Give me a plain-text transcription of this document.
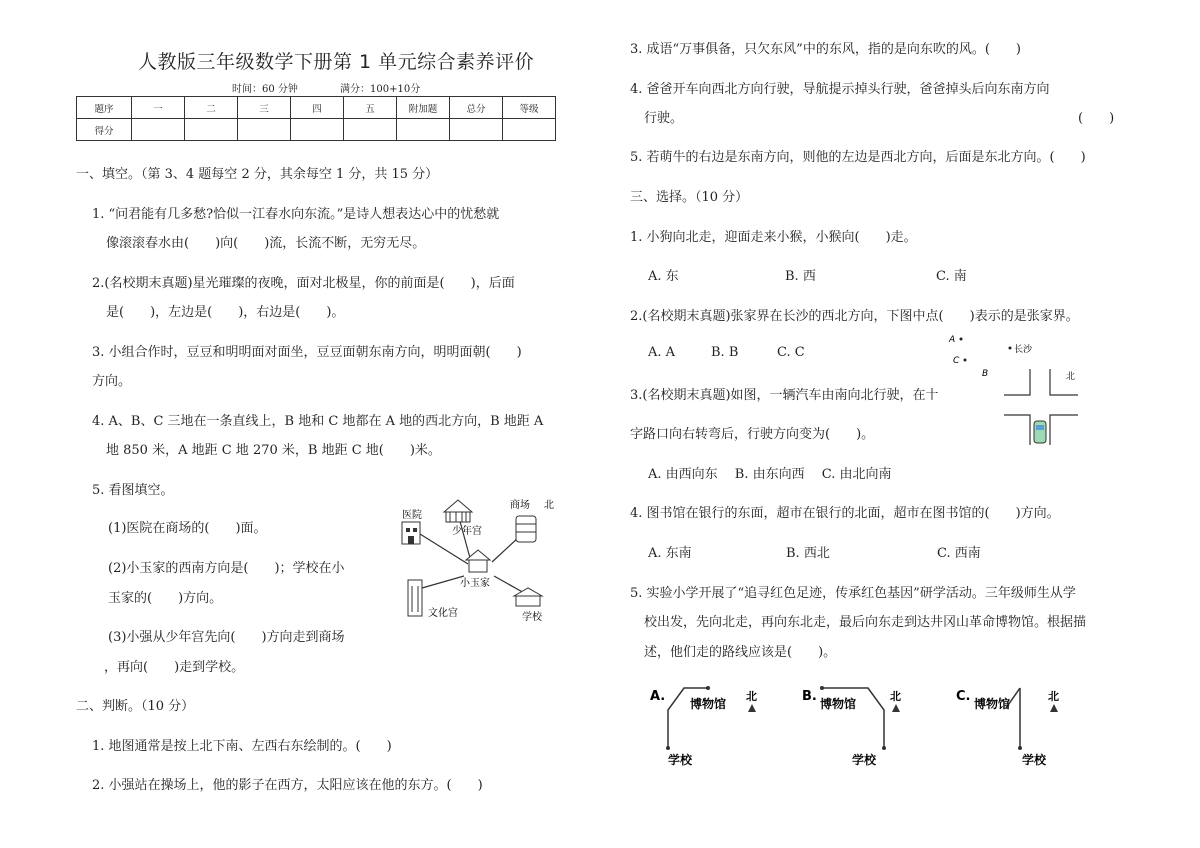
人教版三年级数学下册第 1 单元综合素养评价
时间：60 分钟	满分：100+10分
题序	一	二	三	四	五	附加题	总分	等级
得分								
一、填空。（第 3、4 题每空 2 分，其余每空 1 分，共 15 分）
1. “问君能有几多愁?恰似一江春水向东流。”是诗人想表达心中的忧愁就
像滚滚春水由(　　)向(　　)流，长流不断，无穷无尽。
2.(名校期末真题)星光璀璨的夜晚，面对北极星，你的前面是(　　)，后面
是(　　)，左边是(　　)，右边是(　　)。
3. 小组合作时，豆豆和明明面对面坐，豆豆面朝东南方向，明明面朝(　　)
方向。
4. A、B、C 三地在一条直线上，B 地和 C 地都在 A 地的西北方向，B 地距 A
地 850 米，A 地距 C 地 270 米，B 地距 C 地(　　)米。
5. 看图填空。
(1)医院在商场的(　　)面。
(2)小玉家的西南方向是(　　)；学校在小
玉家的(　　)方向。
(3)小强从少年宫先向(　　)方向走到商场
，再向(　　)走到学校。
医院
少年宫
商场 北
小玉家
文化宫	学校
二、判断。（10 分）
1. 地图通常是按上北下南、左西右东绘制的。(　　)
2. 小强站在操场上，他的影子在西方，太阳应该在他的东方。(　　)
3. 成语“万事俱备，只欠东风”中的东风，指的是向东吹的风。(　　)
4. 爸爸开车向西北方向行驶，导航提示掉头行驶，爸爸掉头后向东南方向
行驶。	(　　)
5. 若萌牛的右边是东南方向，则他的左边是西北方向，后面是东北方向。(　　)
三、选择。（10 分）
1. 小狗向北走，迎面走来小猴，小猴向(　　)走。
A. 东	B. 西	C. 南
2.(名校期末真题)张家界在长沙的西北方向，下图中点(　　)表示的是张家界。
A. A	B. B	C. C
A
C
B
长沙
3.(名校期末真题)如图，一辆汽车由南向北行驶，在十
字路口向右转弯后，行驶方向变为(　　)。
A. 由西向东　 B. 由东向西　 C. 由北向南
北
4. 图书馆在银行的东面，超市在银行的北面，超市在图书馆的(　　)方向。
A. 东南	B. 西北	C. 西南
5. 实验小学开展了“追寻红色足迹，传承红色基因”研学活动。三年级师生从学
校出发，先向北走，再向东北走，最后向东走到达井冈山革命博物馆。根据描
述，他们走的路线应该是(　　)。
A. 博物馆
学校
北	B. 博物馆
学校
北	C. 博物馆
学校
北
